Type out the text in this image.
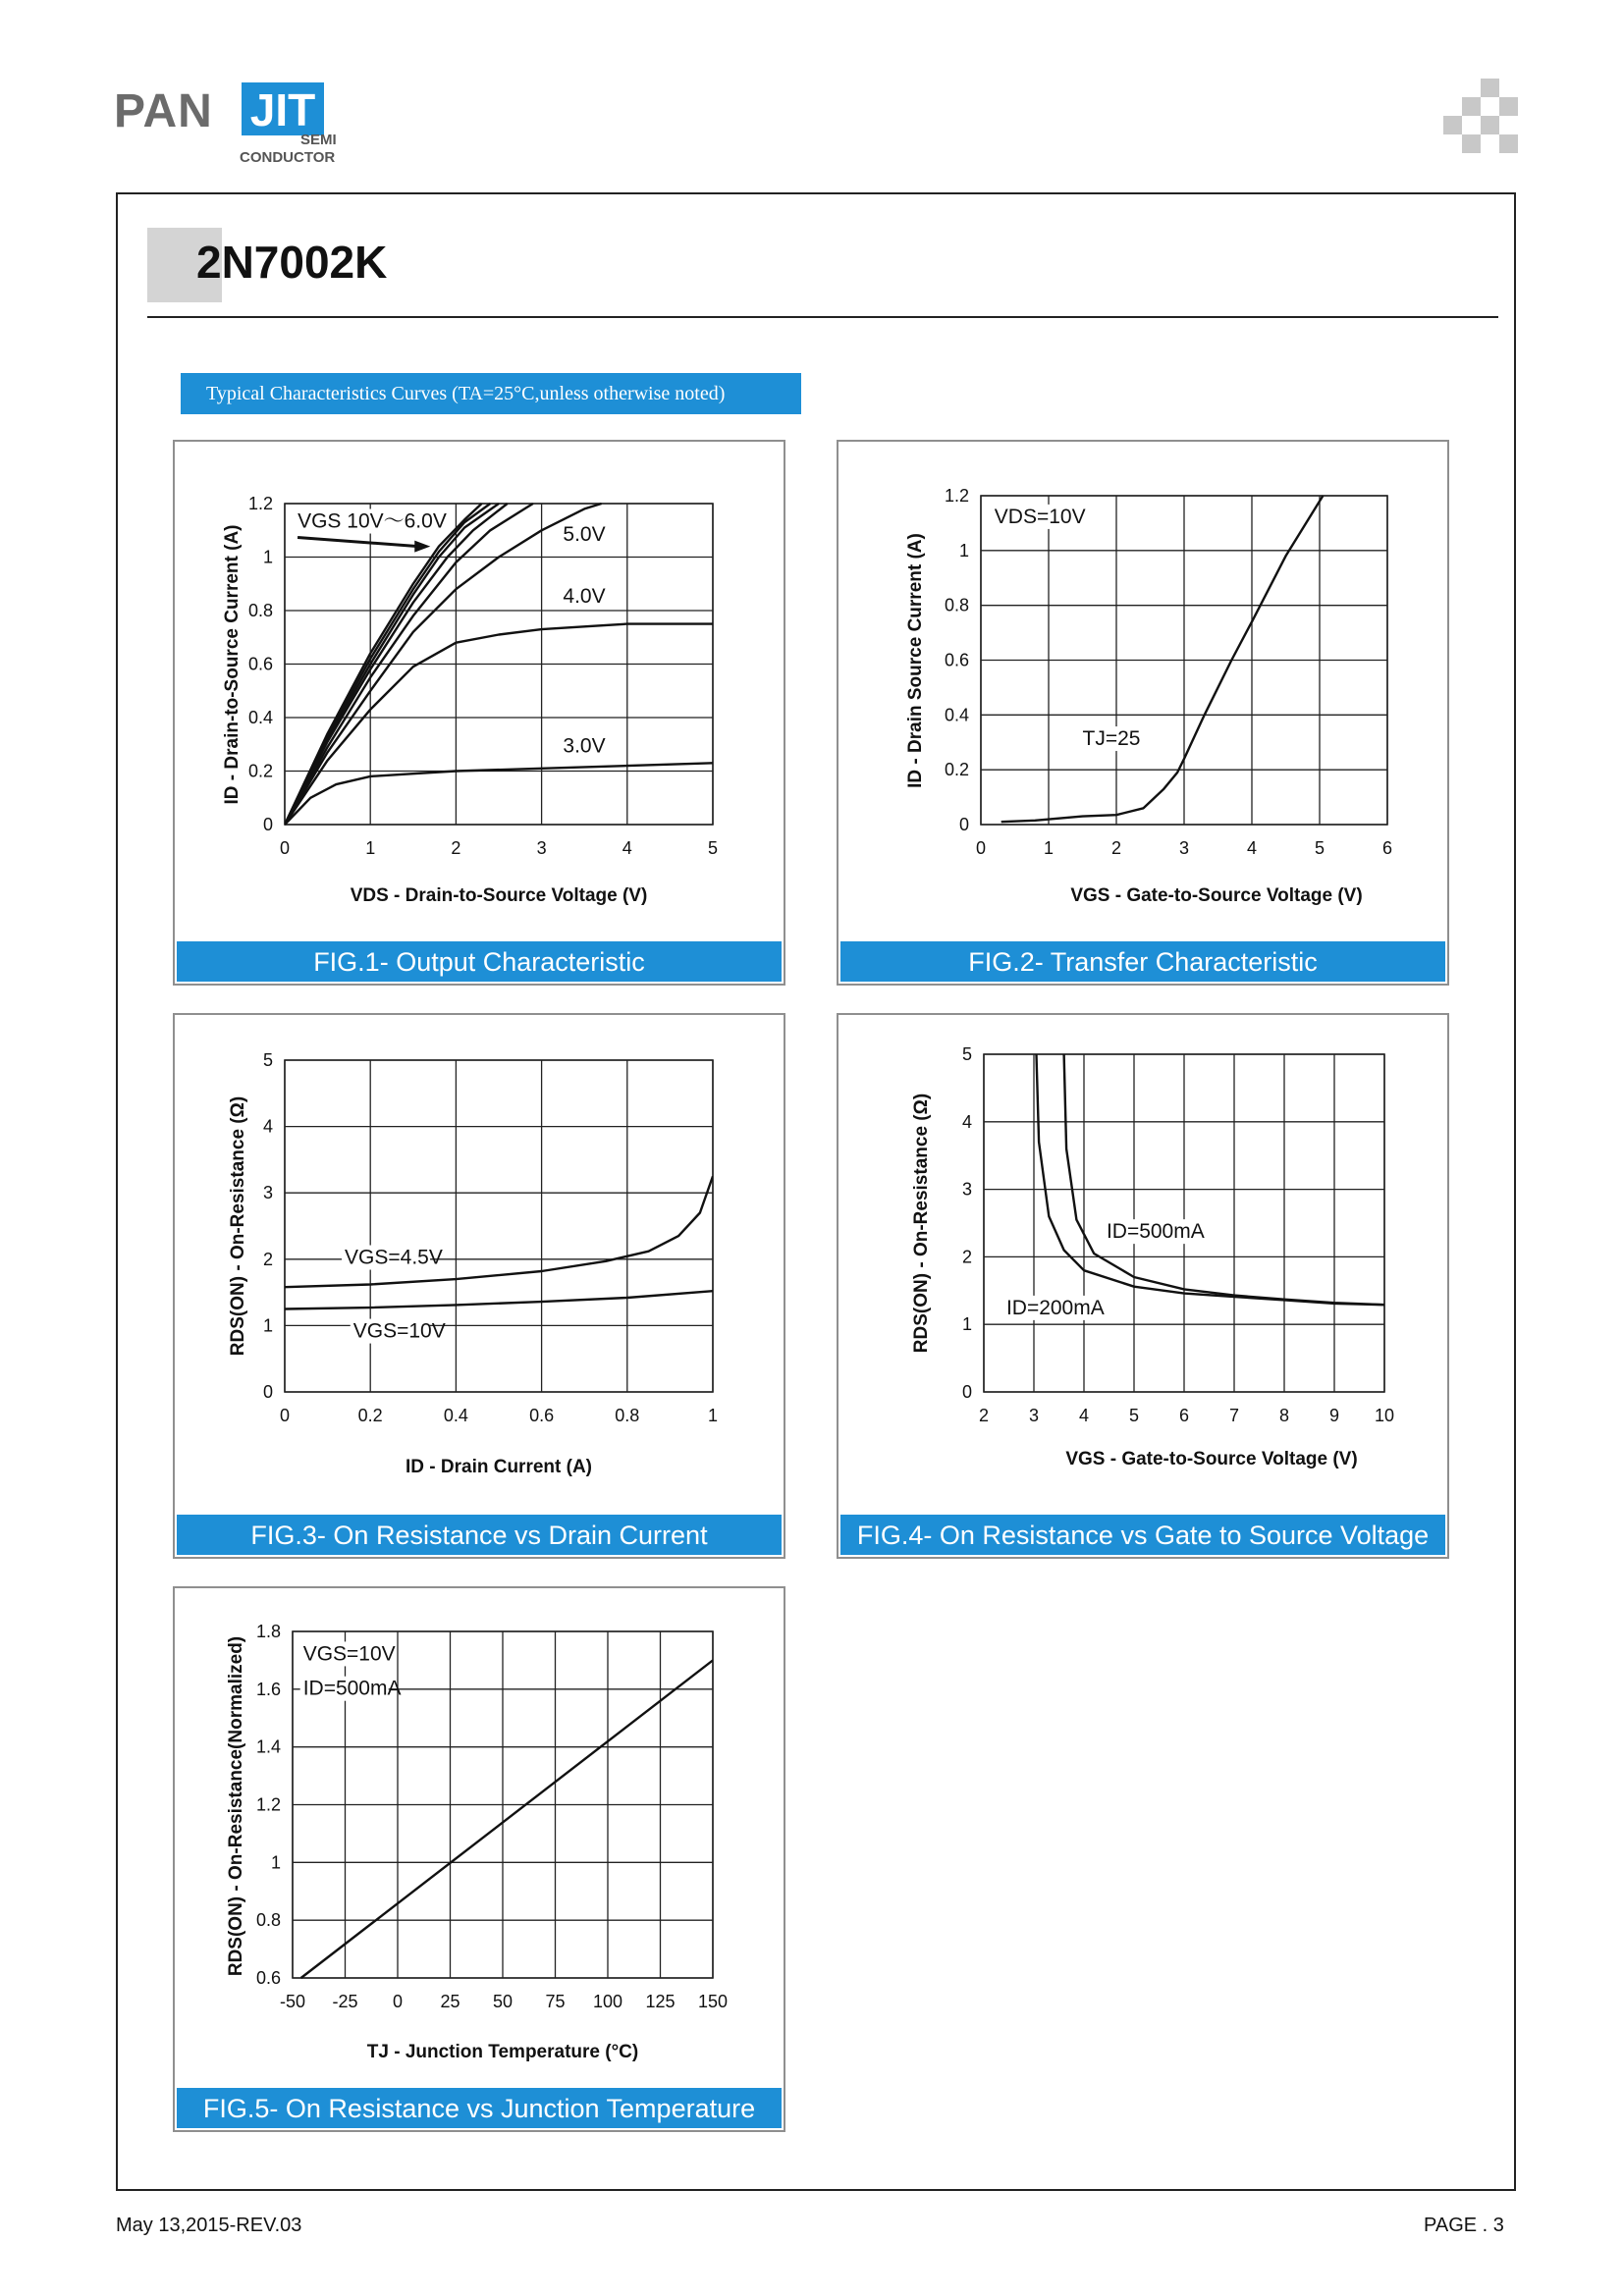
PAN JIT
SEMI
CONDUCTOR
2N7002K
Typical Characteristics Curves (TA=25°C,unless otherwise noted)
0	1	2	3	4	5
0
0.2
0.4
0.6
0.8
1
1.2
VDS - Drain-to-Source Voltage (V)
ID - Drain-to-Source Current (A)
VGS 10V～6.0V
5.0V
4.0V
3.0V
FIG.1- Output Characteristic
0	1	2	3	4	5	6
0
0.2
0.4
0.6
0.8
1
1.2
VGS - Gate-to-Source Voltage (V)
ID - Drain Source Current (A)
VDS=10V
TJ=25
FIG.2- Transfer Characteristic
0	0.2	0.4	0.6	0.8	1
0
1
2
3
4
5
ID - Drain Current (A)
RDS(ON) - On-Resistance (Ω)	VGS=4.5V
VGS=10V
FIG.3- On Resistance vs Drain Current
2 3 4 5 6 7 8 9 10
0
1
2
3
4
5
VGS - Gate-to-Source Voltage (V)
RDS(ON) - On-Resistance (Ω)	ID=500mA
ID=200mA
FIG.4- On Resistance vs Gate to Source Voltage
-50 -25 0 25 50 75 100 125 150
0.6
0.8
1
1.2
1.4
1.6
1.8
TJ - Junction Temperature (°C)
RDS(ON) - On-Resistance(Normalized)	VGS=10V
ID=500mA
FIG.5- On Resistance vs Junction Temperature
May 13,2015-REV.03	PAGE . 3
